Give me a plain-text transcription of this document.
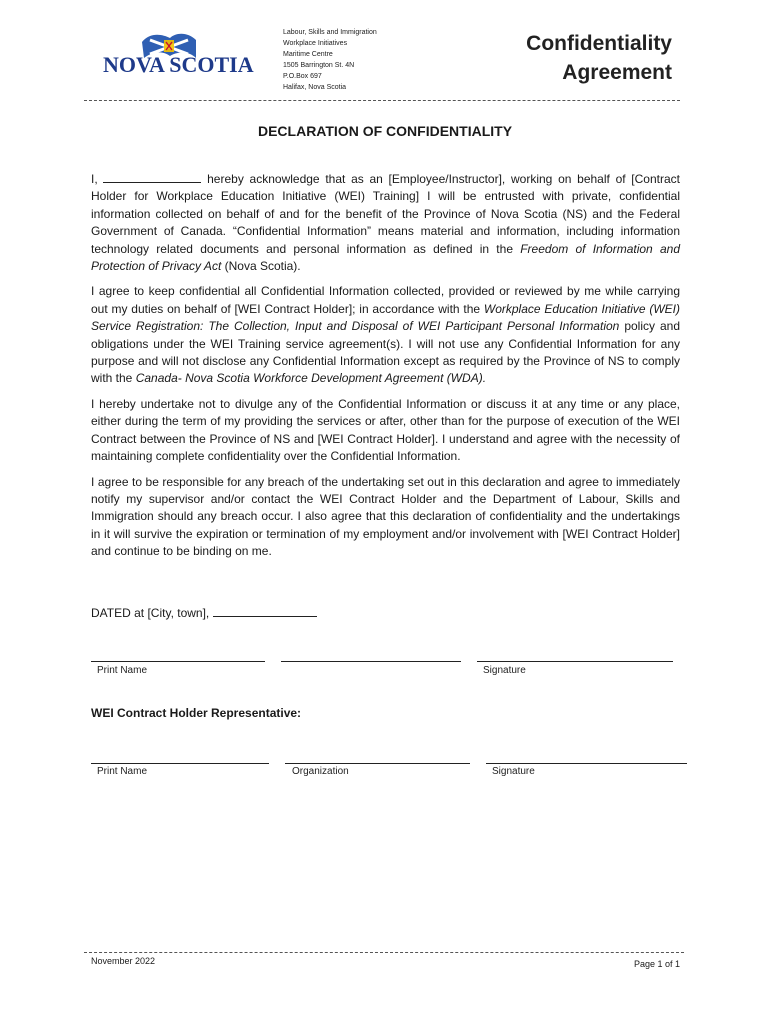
NOVA SCOTIA
Labour, Skills and Immigration
Workplace Initiatives
Maritime Centre
1505 Barrington St. 4N
P.O.Box 697
Halifax, Nova Scotia
Confidentiality
Agreement
DECLARATION OF CONFIDENTIALITY

I,	hereby acknowledge that as an [Employee/Instructor], working on behalf of [Contract Holder for Workplace Education Initiative (WEI) Training] I will be entrusted with private, confidential information collected on behalf of and for the benefit of the Province of Nova Scotia (NS) and the Federal Government of Canada. “Confidential Information” means material and information, including information technology related documents and personal information as defined in the Freedom of Information and Protection of Privacy Act (Nova Scotia).

I agree to keep confidential all Confidential Information collected, provided or reviewed by me while carrying out my duties on behalf of [WEI Contract Holder]; in accordance with the Workplace Education Initiative (WEI) Service Registration: The Collection, Input and Disposal of WEI Participant Personal Information policy and obligations under the WEI Training service agreement(s). I will not use any Confidential Information for any purpose and will not disclose any Confidential Information except as required by the Province of NS to comply with the Canada- Nova Scotia Workforce Development Agreement (WDA).

I hereby undertake not to divulge any of the Confidential Information or discuss it at any time or any place, either during the term of my providing the services or after, other than for the purpose of execution of the WEI Contract between the Province of NS and [WEI Contract Holder]. I understand and agree with the necessity of maintaining complete confidentiality over the Confidential Information.

I agree to be responsible for any breach of the undertaking set out in this declaration and agree to immediately notify my supervisor and/or contact the WEI Contract Holder and the Department of Labour, Skills and Immigration should any breach occur. I also agree that this declaration of confidentiality and the undertakings in it will survive the expiration or termination of my employment and/or involvement with [WEI Contract Holder] and continue to be binding on me.

DATED at [City, town],
Print Name	Signature
WEI Contract Holder Representative:
Print Name	Organization	Signature
November 2022	Page 1 of 1
